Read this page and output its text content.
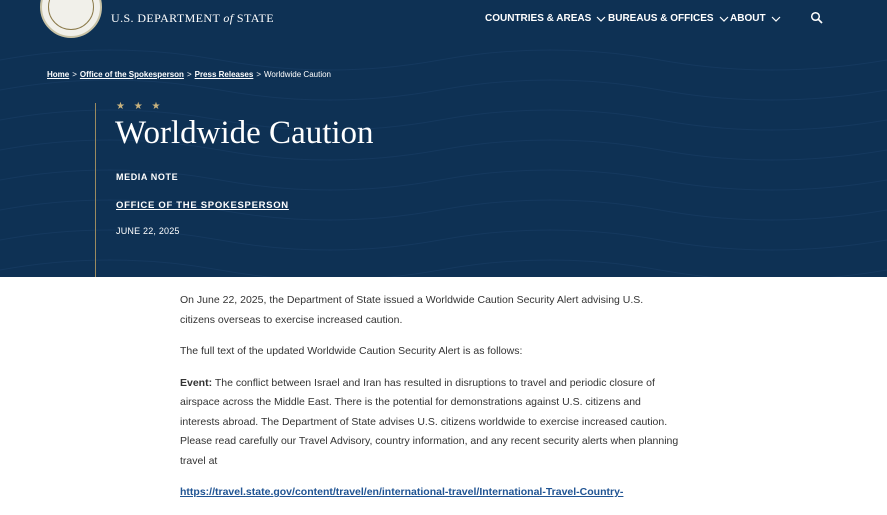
U.S. DEPARTMENT of STATE	COUNTRIES & AREAS BUREAUS & OFFICES ABOUT
Home > Office of the Spokesperson > Press Releases > Worldwide Caution
★ ★ ★
Worldwide Caution
MEDIA NOTE
OFFICE OF THE SPOKESPERSON
JUNE 22, 2025

On June 22, 2025, the Department of State issued a Worldwide Caution Security Alert advising U.S. citizens overseas to exercise increased caution.

The full text of the updated Worldwide Caution Security Alert is as follows:

Event: The conflict between Israel and Iran has resulted in disruptions to travel and periodic closure of airspace across the Middle East. There is the potential for demonstrations against U.S. citizens and interests abroad. The Department of State advises U.S. citizens worldwide to exercise increased caution. Please read carefully our Travel Advisory, country information, and any recent security alerts when planning travel at

https://travel.state.gov/content/travel/en/international-travel/International-Travel-Country-
